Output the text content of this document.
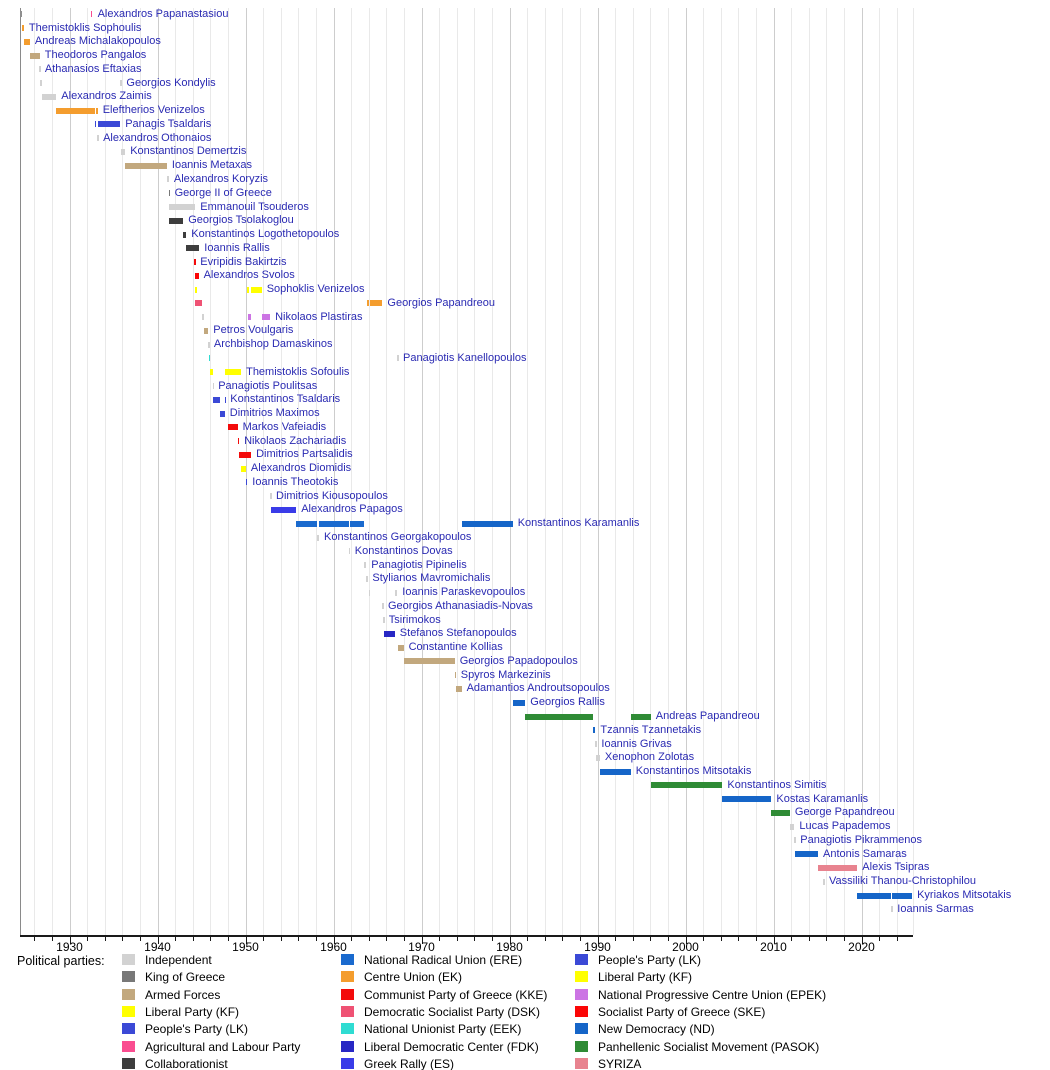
Alexandros Papanastasiou
Themistoklis Sophoulis
Andreas Michalakopoulos
Theodoros Pangalos
Athanasios Eftaxias
Georgios Kondylis
Alexandros Zaimis
Eleftherios Venizelos
Panagis Tsaldaris
Alexandros Othonaios
Konstantinos Demertzis
Ioannis Metaxas
Alexandros Koryzis
George II of Greece
Emmanouil Tsouderos
Georgios Tsolakoglou
Konstantinos Logothetopoulos
Ioannis Rallis
Evripidis Bakirtzis
Alexandros Svolos
Sophoklis Venizelos
Georgios Papandreou
Nikolaos Plastiras
Petros Voulgaris
Archbishop Damaskinos
Panagiotis Kanellopoulos
Themistoklis Sofoulis
Panagiotis Poulitsas
Konstantinos Tsaldaris
Dimitrios Maximos
Markos Vafeiadis
Nikolaos Zachariadis
Dimitrios Partsalidis
Alexandros Diomidis
Ioannis Theotokis
Dimitrios Kiousopoulos
Alexandros Papagos
Konstantinos Karamanlis
Konstantinos Georgakopoulos
Konstantinos Dovas
Panagiotis Pipinelis
Stylianos Mavromichalis
Ioannis Paraskevopoulos
Georgios Athanasiadis-Novas
Tsirimokos
Stefanos Stefanopoulos
Constantine Kollias
Georgios Papadopoulos
Spyros Markezinis
Adamantios Androutsopoulos
Georgios Rallis
Andreas Papandreou
Tzannis Tzannetakis
Ioannis Grivas
Xenophon Zolotas
Konstantinos Mitsotakis
Konstantinos Simitis
Kostas Karamanlis
George Papandreou
Lucas Papademos
Panagiotis Pikrammenos
Antonis Samaras
Alexis Tsipras
Vassiliki Thanou-Christophilou
Kyriakos Mitsotakis
Ioannis Sarmas
1930	1940	1950	1960	1970	1980	1990	2000	2010	2020
Political parties:	Independent
King of Greece
Armed Forces
Liberal Party (KF)
People's Party (LK)
Agricultural and Labour Party
Collaborationist
National Radical Union (ERE)
Centre Union (EK)
Communist Party of Greece (KKE)
Democratic Socialist Party (DSK)
National Unionist Party (EEK)
Liberal Democratic Center (FDK)
Greek Rally (ES)
People's Party (LK)
Liberal Party (KF)
National Progressive Centre Union (EPEK)
Socialist Party of Greece (SKE)
New Democracy (ND)
Panhellenic Socialist Movement (PASOK)
SYRIZA
